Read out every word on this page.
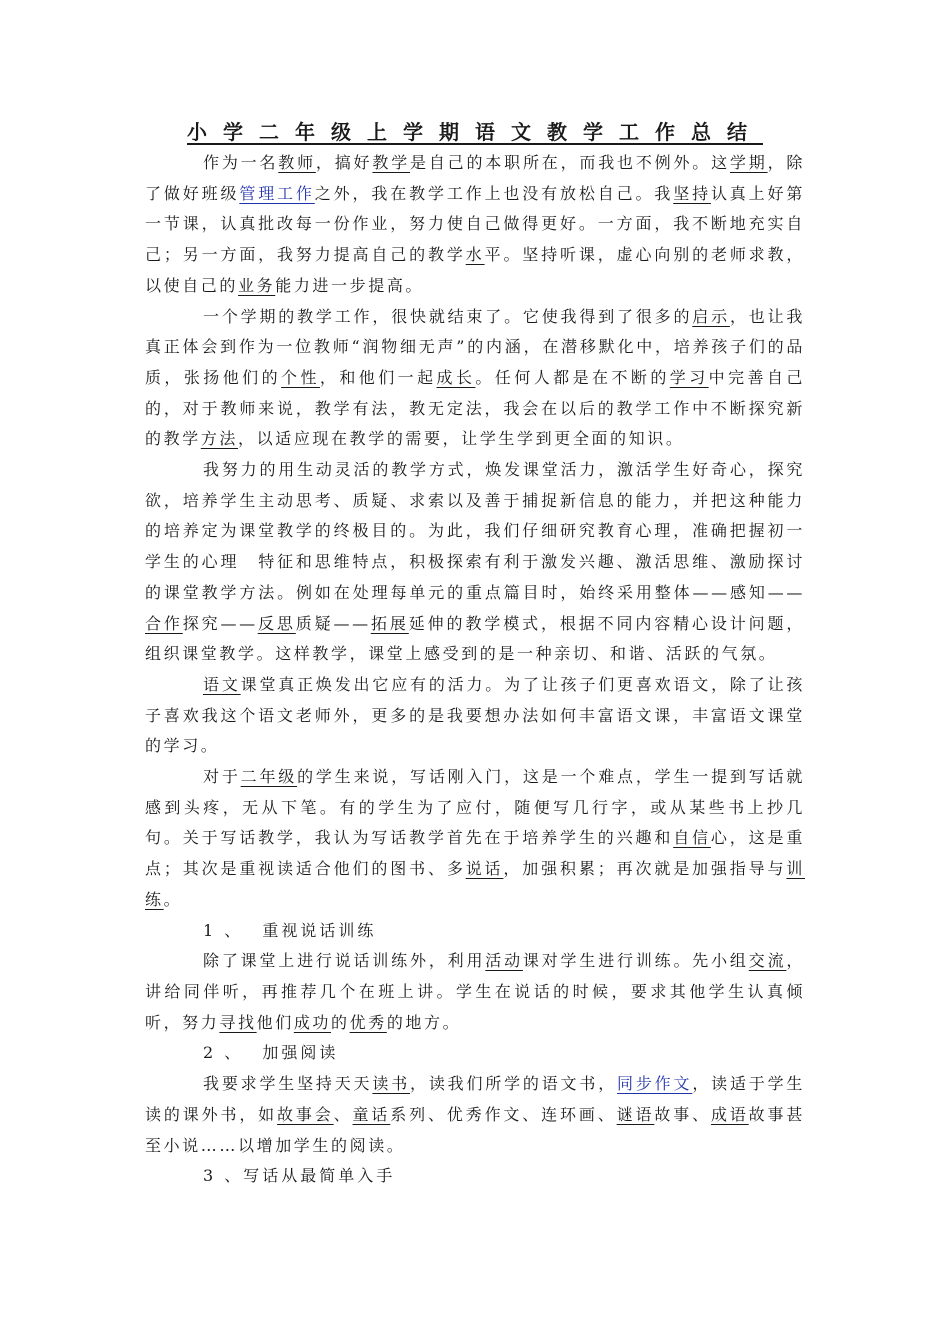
小学二年级上学期语文教学工作总结

作为一名教师，搞好教学是自己的本职所在，而我也不例外。这学期，除了做好班级管理工作之外，我在教学工作上也没有放松自己。我坚持认真上好第一节课，认真批改每一份作业，努力使自己做得更好。一方面，我不断地充实自己；另一方面，我努力提高自己的教学水平。坚持听课，虚心向别的老师求教，以使自己的业务能力进一步提高。

一个学期的教学工作，很快就结束了。它使我得到了很多的启示，也让我真正体会到作为一位教师“润物细无声”的内涵，在潜移默化中，培养孩子们的品质，张扬他们的个性，和他们一起成长。任何人都是在不断的学习中完善自己的，对于教师来说，教学有法，教无定法，我会在以后的教学工作中不断探究新的教学方法，以适应现在教学的需要，让学生学到更全面的知识。

我努力的用生动灵活的教学方式，焕发课堂活力，激活学生好奇心，探究欲，培养学生主动思考、质疑、求索以及善于捕捉新信息的能力，并把这种能力的培养定为课堂教学的终极目的。为此，我们仔细研究教育心理，准确把握初一学生的心理　 特征和思维特点，积极探索有利于激发兴趣、激活思维、激励探讨的课堂教学方法。例如在处理每单元的重点篇目时，始终采用整体——感知——合作探究——反思质疑——拓展延伸的教学模式，根据不同内容精心设计问题，组织课堂教学。这样教学，课堂上感受到的是一种亲切、和谐、活跃的气氛。

语文课堂真正焕发出它应有的活力。为了让孩子们更喜欢语文，除了让孩子喜欢我这个语文老师外，更多的是我要想办法如何丰富语文课，丰富语文课堂的学习。

对于二年级的学生来说，写话刚入门，这是一个难点，学生一提到写话就感到头疼，无从下笔。有的学生为了应付，随便写几行字，或从某些书上抄几句。关于写话教学，我认为写话教学首先在于培养学生的兴趣和自信心，这是重点；其次是重视读适合他们的图书、多说话，加强积累；再次就是加强指导与训练。

1 、　 重视说话训练

除了课堂上进行说话训练外，利用活动课对学生进行训练。先小组交流，讲给同伴听，再推荐几个在班上讲。学生在说话的时候，要求其他学生认真倾听，努力寻找他们成功的优秀的地方。

2 、　 加强阅读

我要求学生坚持天天读书，读我们所学的语文书，同步作文，读适于学生读的课外书，如故事会、童话系列、优秀作文、连环画、谜语故事、成语故事甚至小说……以增加学生的阅读。

3 、写话从最简单入手
